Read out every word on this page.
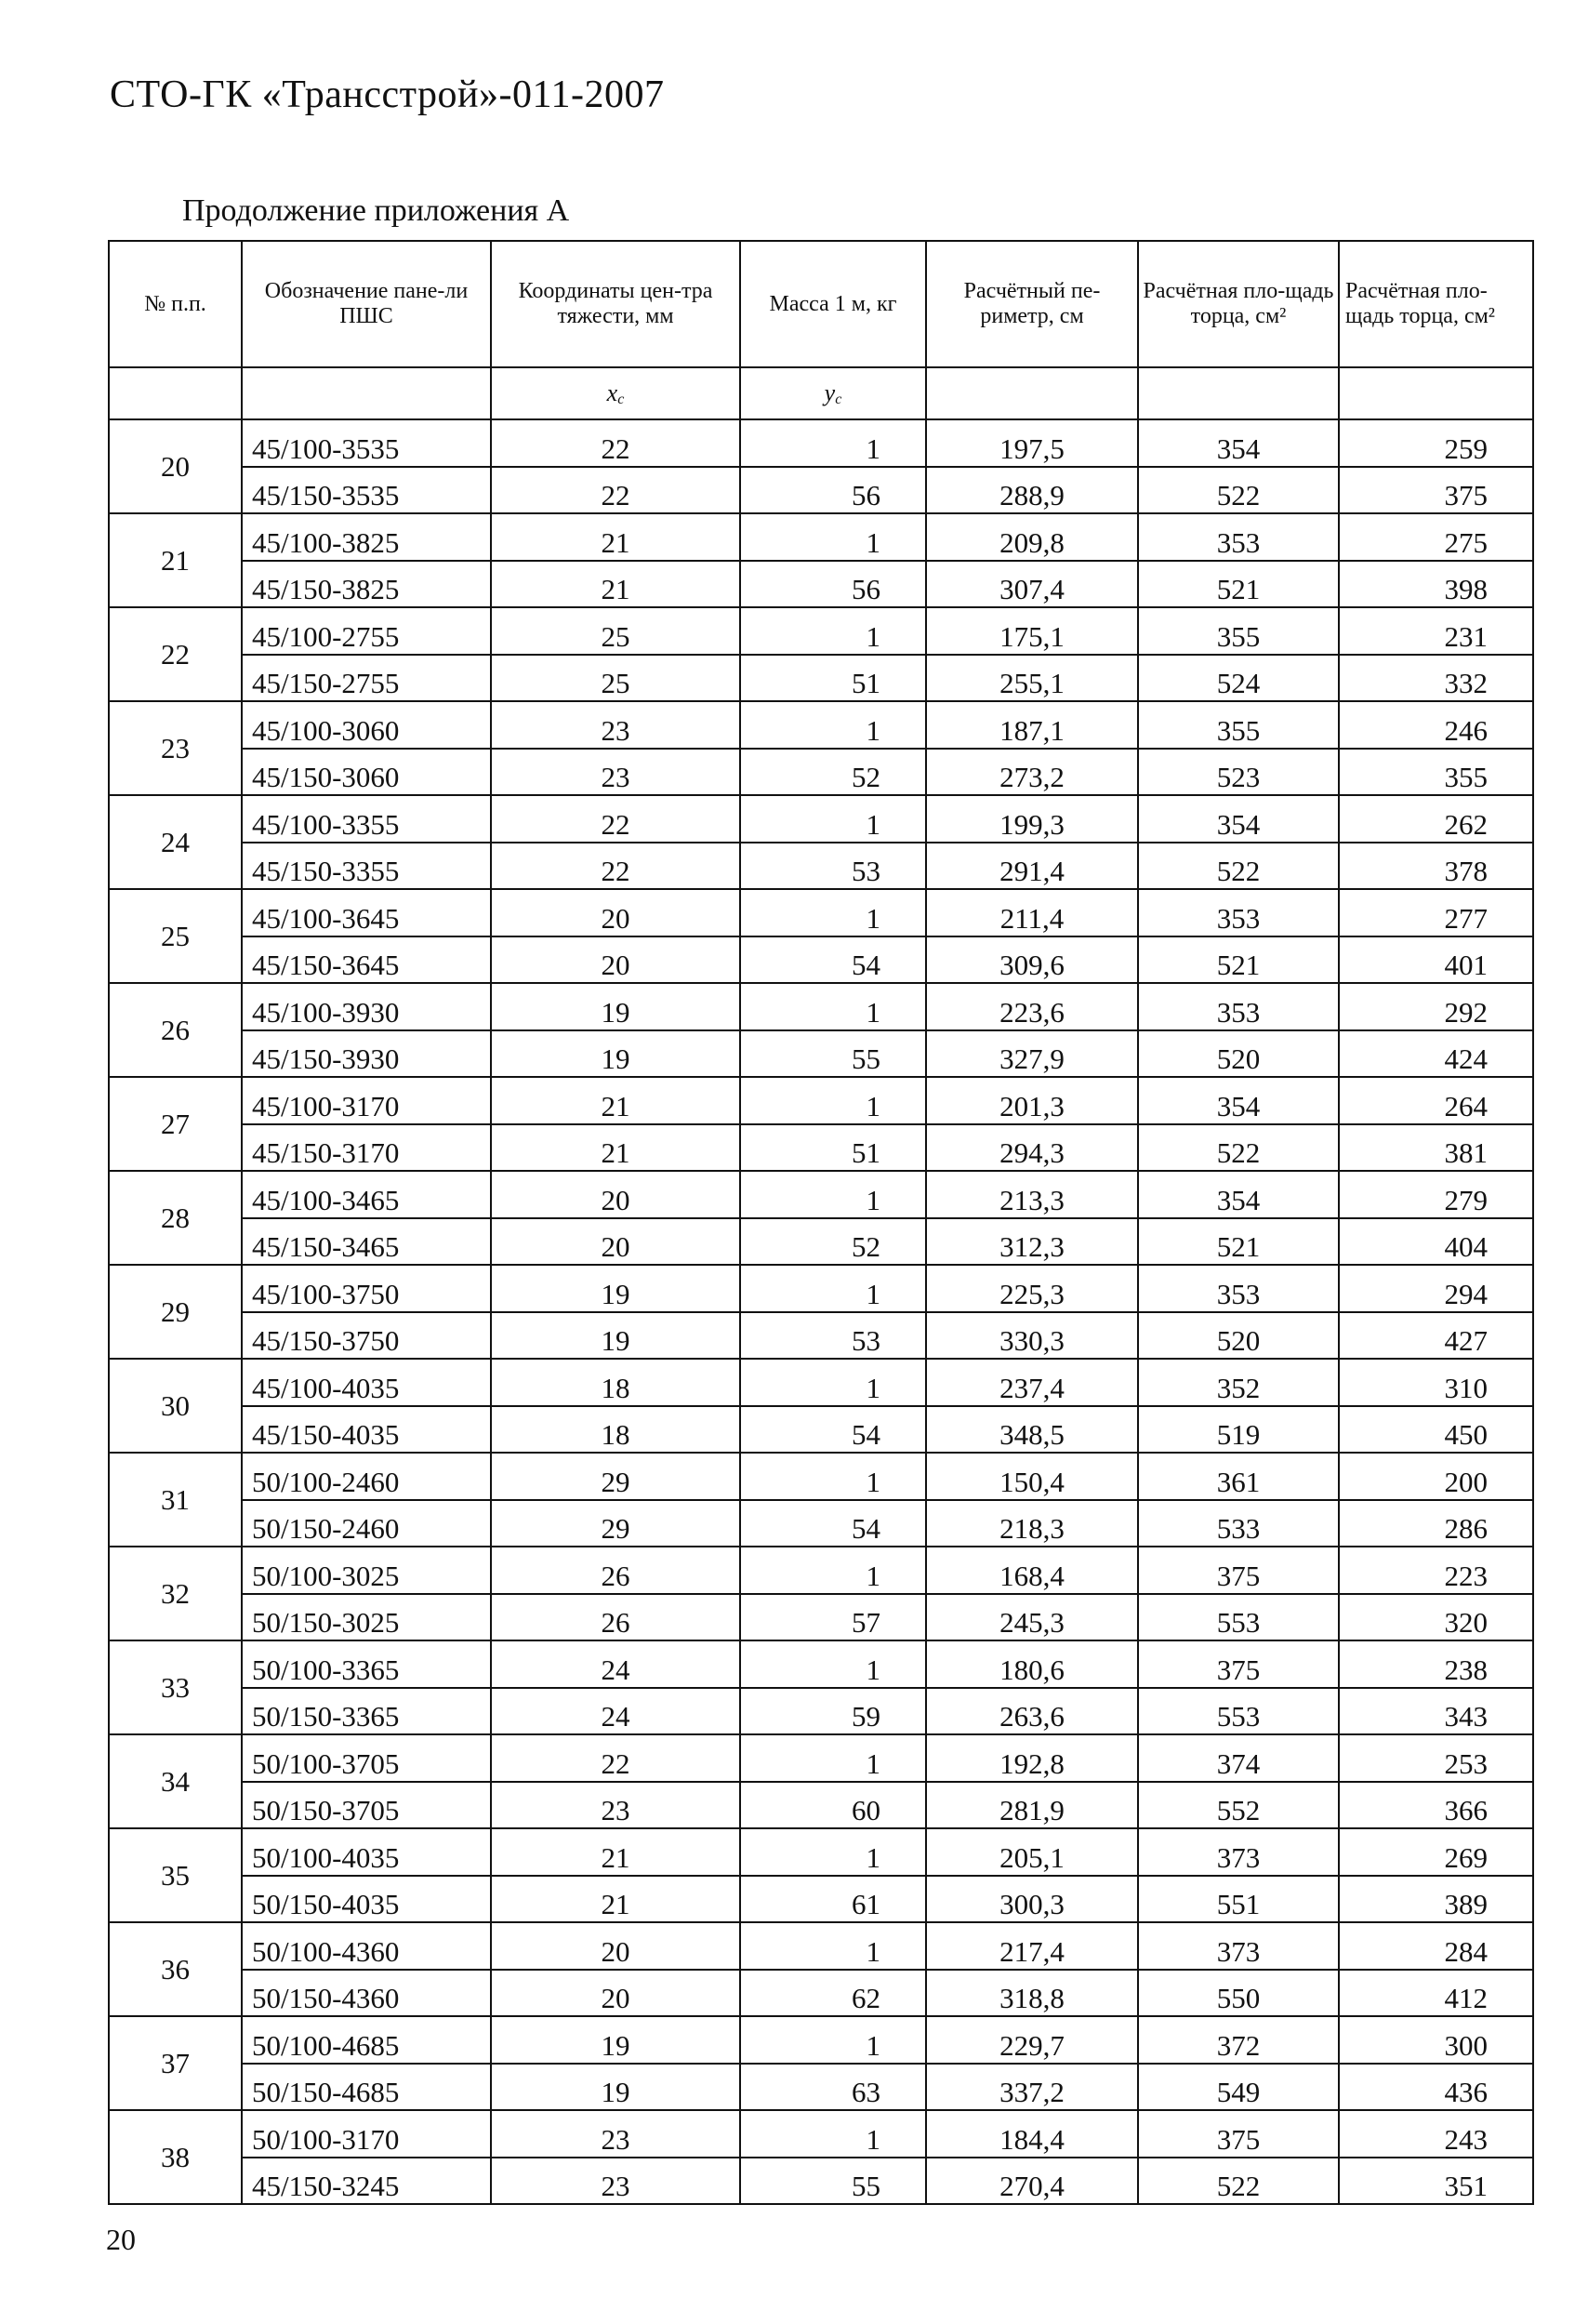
СТО-ГК «Трансстрой»-011-2007
Продолжение приложения А
№ п.п.	Обозначение пане-ли ПШС	Координаты цен-тра тяжести, мм	Масса 1 м, кг	Расчётный пе-риметр, см	Расчётная пло-щадь торца, см²	Расчётная пло-щадь торца, см²
		$x_c$	$y_c$			
20	45/100-3535	22	1	197,5	354	259
	45/150-3535	22	56	288,9	522	375
21	45/100-3825	21	1	209,8	353	275
	45/150-3825	21	56	307,4	521	398
22	45/100-2755	25	1	175,1	355	231
	45/150-2755	25	51	255,1	524	332
23	45/100-3060	23	1	187,1	355	246
	45/150-3060	23	52	273,2	523	355
24	45/100-3355	22	1	199,3	354	262
	45/150-3355	22	53	291,4	522	378
25	45/100-3645	20	1	211,4	353	277
	45/150-3645	20	54	309,6	521	401
26	45/100-3930	19	1	223,6	353	292
	45/150-3930	19	55	327,9	520	424
27	45/100-3170	21	1	201,3	354	264
	45/150-3170	21	51	294,3	522	381
28	45/100-3465	20	1	213,3	354	279
	45/150-3465	20	52	312,3	521	404
29	45/100-3750	19	1	225,3	353	294
	45/150-3750	19	53	330,3	520	427
30	45/100-4035	18	1	237,4	352	310
	45/150-4035	18	54	348,5	519	450
31	50/100-2460	29	1	150,4	361	200
	50/150-2460	29	54	218,3	533	286
32	50/100-3025	26	1	168,4	375	223
	50/150-3025	26	57	245,3	553	320
33	50/100-3365	24	1	180,6	375	238
	50/150-3365	24	59	263,6	553	343
34	50/100-3705	22	1	192,8	374	253
	50/150-3705	23	60	281,9	552	366
35	50/100-4035	21	1	205,1	373	269
	50/150-4035	21	61	300,3	551	389
36	50/100-4360	20	1	217,4	373	284
	50/150-4360	20	62	318,8	550	412
37	50/100-4685	19	1	229,7	372	300
	50/150-4685	19	63	337,2	549	436
38	50/100-3170	23	1	184,4	375	243
	45/150-3245	23	55	270,4	522	351
20
